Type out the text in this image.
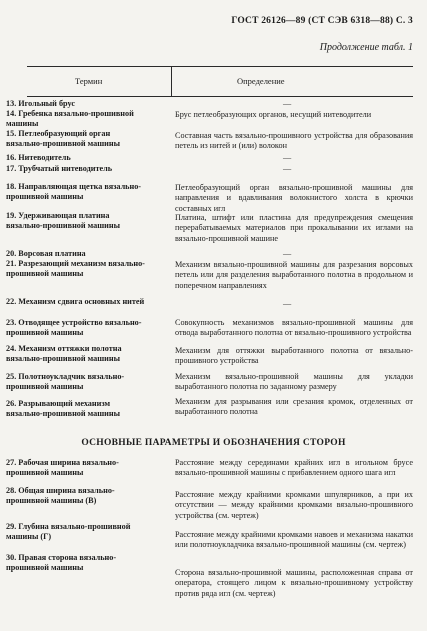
ГОСТ 26126—89 (СТ СЭВ 6318—88) С. 3
Продолжение табл. 1
Термин	Определение

13. Игольный брус

14. Гребенка вязально-прошивной машины

15. Петлеобразующий орган вязально-прошивной машины

16. Нитеводитель

17. Трубчатый нитеводитель

18. Направляющая щетка вязально-прошивной машины

19. Удерживающая платина вязально-прошивной машины

20. Ворсовая платина

21. Разрезающий механизм вязально-прошивной машины

22. Механизм сдвига основных нитей

23. Отводящее устройство вязально-прошивной машины

24. Механизм оттяжки полотна вязально-прошивной машины

25. Полотноукладчик вязально-прошивной машины

26. Разрывающий механизм вязально-прошивной машины

—

Брус петлеобразующих органов, несущий нитеводители

Составная часть вязально-прошивного устройства для образования петель из нитей и (или) волокон

—

—

Петлеобразующий орган вязально-прошивной машины для направления и вдавливания волокнистого холста в крючки составных игл

Платина, штифт или пластина для предупреждения смещения перерабатываемых материалов при прокалывании их иглами на вязально-прошивной машине

—

Механизм вязально-прошивной машины для разрезания ворсовых петель или для разделения выработанного полотна в продольном и поперечном направлениях

—

Совокупность механизмов вязально-прошивной машины для отвода выработанного полотна от вязально-прошивного устройства

Механизм для оттяжки выработанного полотна от вязально-прошивного устройства

Механизм вязально-прошивной машины для укладки выработанного полотна по заданному размеру

Механизм для разрывания или срезания кромок, отделенных от выработанного полотна

ОСНОВНЫЕ ПАРАМЕТРЫ И ОБОЗНАЧЕНИЯ СТОРОН

27. Рабочая ширина вязально-прошивной машины

28. Общая ширина вязально-прошивной машины (В)

29. Глубина вязально-прошивной машины (Г)

30. Правая сторона вязально-прошивной машины

Расстояние между серединами крайних игл в игольном брусе вязально-прошивной машины с прибавлением одного шага игл

Расстояние между крайними кромками шпулярников, а при их отсутствии — между крайними кромками вязально-прошивного устройства (см. чертеж)

Расстояние между крайними кромками навоев и механизма накатки или полотноукладчика вязально-прошивной машины (см. чертеж)

Сторона вязально-прошивной машины, расположенная справа от оператора, стоящего лицом к вязально-прошивному устройству против ряда игл (см. чертеж)
